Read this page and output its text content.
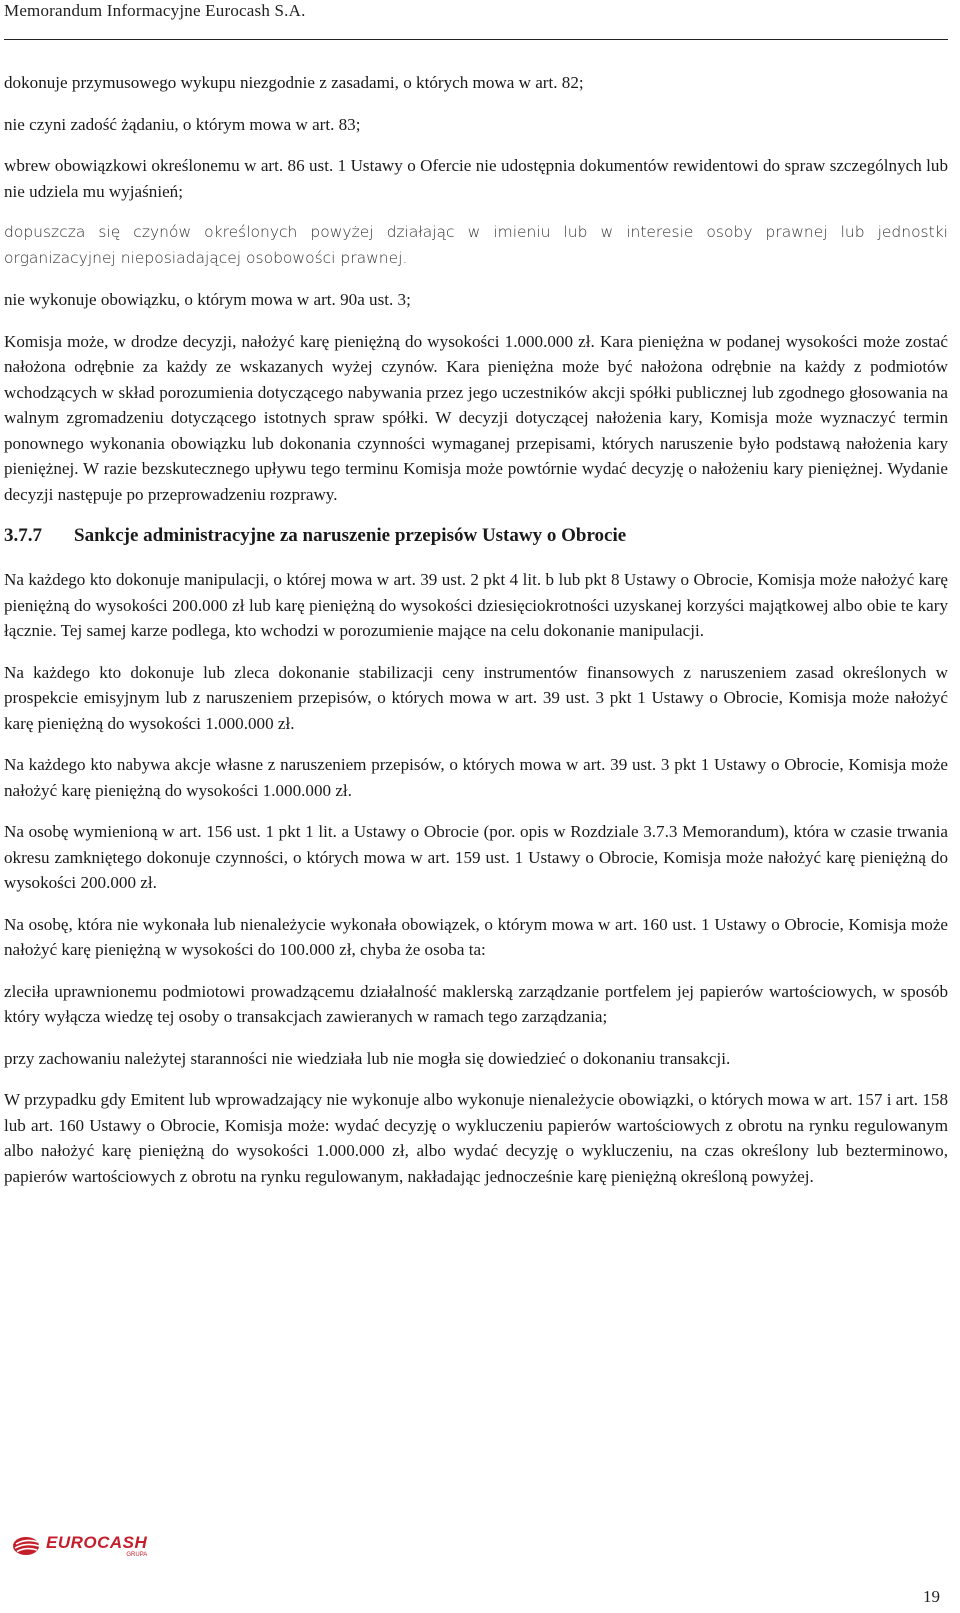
Memorandum Informacyjne Eurocash S.A.

dokonuje przymusowego wykupu niezgodnie z zasadami, o których mowa w art. 82;

nie czyni zadość żądaniu, o którym mowa w art. 83;

wbrew obowiązkowi określonemu w art. 86 ust. 1 Ustawy o Ofercie nie udostępnia dokumentów rewidentowi do spraw szczególnych lub nie udziela mu wyjaśnień;

dopuszcza się czynów określonych powyżej działając w imieniu lub w interesie osoby prawnej lub jednostki organizacyjnej nieposiadającej osobowości prawnej.

nie wykonuje obowiązku, o którym mowa w art. 90a ust. 3;

Komisja może, w drodze decyzji, nałożyć karę pieniężną do wysokości 1.000.000 zł. Kara pieniężna w podanej wysokości może zostać nałożona odrębnie za każdy ze wskazanych wyżej czynów. Kara pieniężna może być nałożona odrębnie na każdy z podmiotów wchodzących w skład porozumienia dotyczącego nabywania przez jego uczestników akcji spółki publicznej lub zgodnego głosowania na walnym zgromadzeniu dotyczącego istotnych spraw spółki. W decyzji dotyczącej nałożenia kary, Komisja może wyznaczyć termin ponownego wykonania obowiązku lub dokonania czynności wymaganej przepisami, których naruszenie było podstawą nałożenia kary pieniężnej. W razie bezskutecznego upływu tego terminu Komisja może powtórnie wydać decyzję o nałożeniu kary pieniężnej. Wydanie decyzji następuje po przeprowadzeniu rozprawy.

3.7.7 Sankcje administracyjne za naruszenie przepisów Ustawy o Obrocie

Na każdego kto dokonuje manipulacji, o której mowa w art. 39 ust. 2 pkt 4 lit. b lub pkt 8 Ustawy o Obrocie, Komisja może nałożyć karę pieniężną do wysokości 200.000 zł lub karę pieniężną do wysokości dziesięciokrotności uzyskanej korzyści majątkowej albo obie te kary łącznie. Tej samej karze podlega, kto wchodzi w porozumienie mające na celu dokonanie manipulacji.

Na każdego kto dokonuje lub zleca dokonanie stabilizacji ceny instrumentów finansowych z naruszeniem zasad określonych w prospekcie emisyjnym lub z naruszeniem przepisów, o których mowa w art. 39 ust. 3 pkt 1 Ustawy o Obrocie, Komisja może nałożyć karę pieniężną do wysokości 1.000.000 zł.

Na każdego kto nabywa akcje własne z naruszeniem przepisów, o których mowa w art. 39 ust. 3 pkt 1 Ustawy o Obrocie, Komisja może nałożyć karę pieniężną do wysokości 1.000.000 zł.

Na osobę wymienioną w art. 156 ust. 1 pkt 1 lit. a Ustawy o Obrocie (por. opis w Rozdziale 3.7.3 Memorandum), która w czasie trwania okresu zamkniętego dokonuje czynności, o których mowa w art. 159 ust. 1 Ustawy o Obrocie, Komisja może nałożyć karę pieniężną do wysokości 200.000 zł.

Na osobę, która nie wykonała lub nienależycie wykonała obowiązek, o którym mowa w art. 160 ust. 1 Ustawy o Obrocie, Komisja może nałożyć karę pieniężną w wysokości do 100.000 zł, chyba że osoba ta:

zleciła uprawnionemu podmiotowi prowadzącemu działalność maklerską zarządzanie portfelem jej papierów wartościowych, w sposób który wyłącza wiedzę tej osoby o transakcjach zawieranych w ramach tego zarządzania;

przy zachowaniu należytej staranności nie wiedziała lub nie mogła się dowiedzieć o dokonaniu transakcji.

W przypadku gdy Emitent lub wprowadzający nie wykonuje albo wykonuje nienależycie obowiązki, o których mowa w art. 157 i art. 158 lub art. 160 Ustawy o Obrocie, Komisja może: wydać decyzję o wykluczeniu papierów wartościowych z obrotu na rynku regulowanym albo nałożyć karę pieniężną do wysokości 1.000.000 zł, albo wydać decyzję o wykluczeniu, na czas określony lub bezterminowo, papierów wartościowych z obrotu na rynku regulowanym, nakładając jednocześnie karę pieniężną określoną powyżej.

EUROCASH
GRUPA
19
